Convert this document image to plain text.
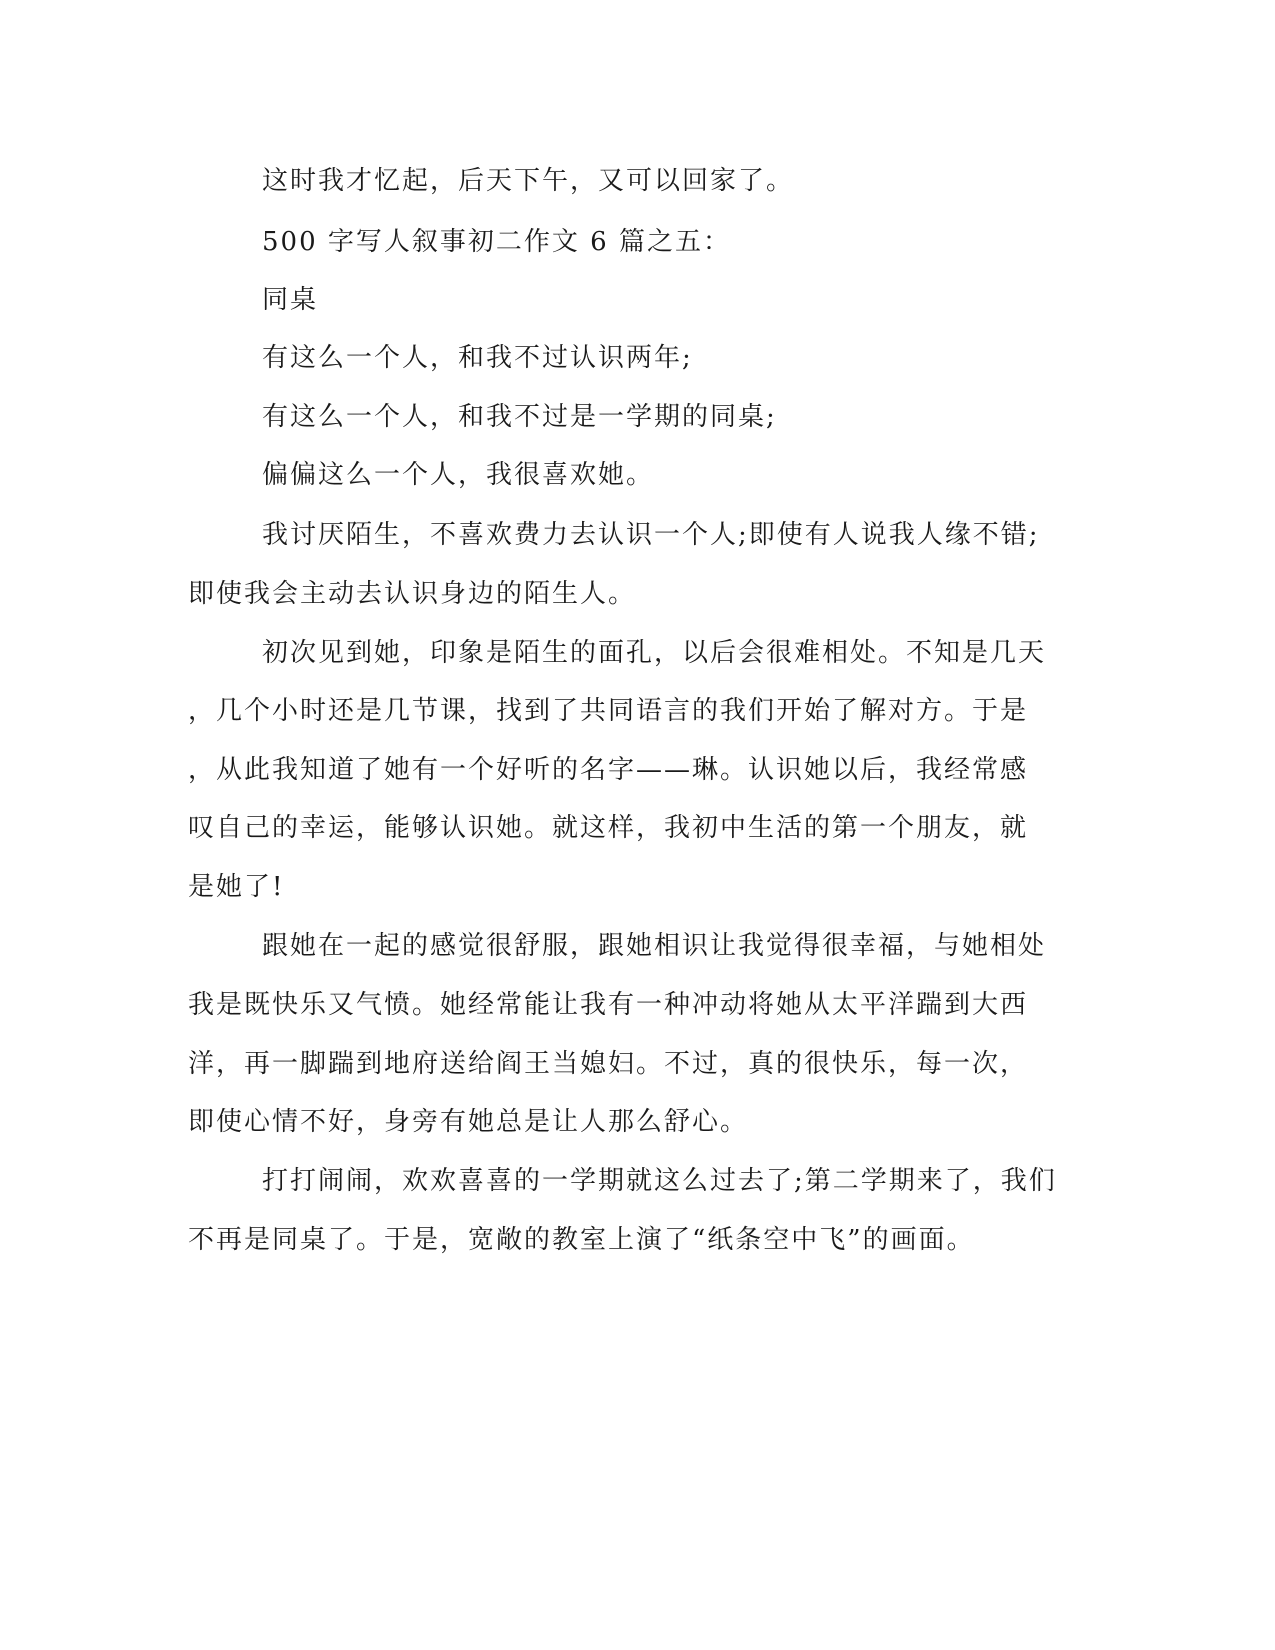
这时我才忆起，后天下午，又可以回家了。
500 字写人叙事初二作文 6 篇之五：
同桌
有这么一个人，和我不过认识两年;
有这么一个人，和我不过是一学期的同桌;
偏偏这么一个人，我很喜欢她。
我讨厌陌生，不喜欢费力去认识一个人;即使有人说我人缘不错;
即使我会主动去认识身边的陌生人。
初次见到她，印象是陌生的面孔，以后会很难相处。不知是几天
，几个小时还是几节课，找到了共同语言的我们开始了解对方。于是
，从此我知道了她有一个好听的名字——琳。认识她以后，我经常感
叹自己的幸运，能够认识她。就这样，我初中生活的第一个朋友，就
是她了!
跟她在一起的感觉很舒服，跟她相识让我觉得很幸福，与她相处
我是既快乐又气愤。她经常能让我有一种冲动将她从太平洋踹到大西
洋，再一脚踹到地府送给阎王当媳妇。不过，真的很快乐，每一次，
即使心情不好，身旁有她总是让人那么舒心。
打打闹闹，欢欢喜喜的一学期就这么过去了;第二学期来了，我们
不再是同桌了。于是，宽敞的教室上演了“纸条空中飞”的画面。
